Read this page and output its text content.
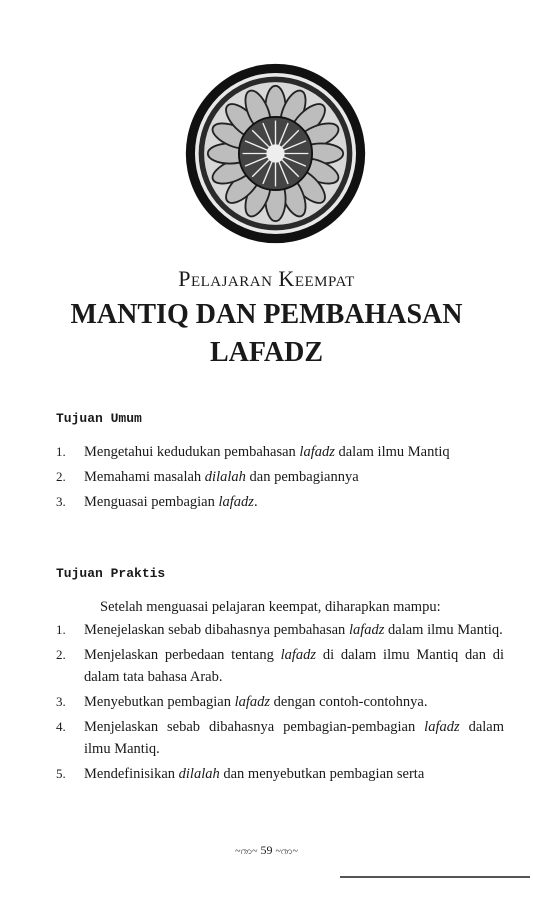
Pelajaran Keempat
MANTIQ DAN PEMBAHASAN
LAFADZ
Tujuan Umum
1. Mengetahui kedudukan pembahasan lafadz dalam ilmu Mantiq
2. Memahami masalah dilalah dan pembagiannya
3. Menguasai pembagian lafadz.
Tujuan Praktis
Setelah menguasai pelajaran keempat, diharapkan mampu:
1. Menejelaskan sebab dibahasnya pembahasan lafadz dalam ilmu Mantiq.
2. Menjelaskan perbedaan tentang lafadz di dalam ilmu Mantiq dan di dalam tata bahasa Arab.
3. Menyebutkan pembagian lafadz dengan contoh-contohnya.
4. Menjelaskan sebab dibahasnya pembagian-pembagian lafadz dalam ilmu Mantiq.
5. Mendefinisikan dilalah dan menyebutkan pembagian serta
~ၮ~ 59 ~ၮ~
